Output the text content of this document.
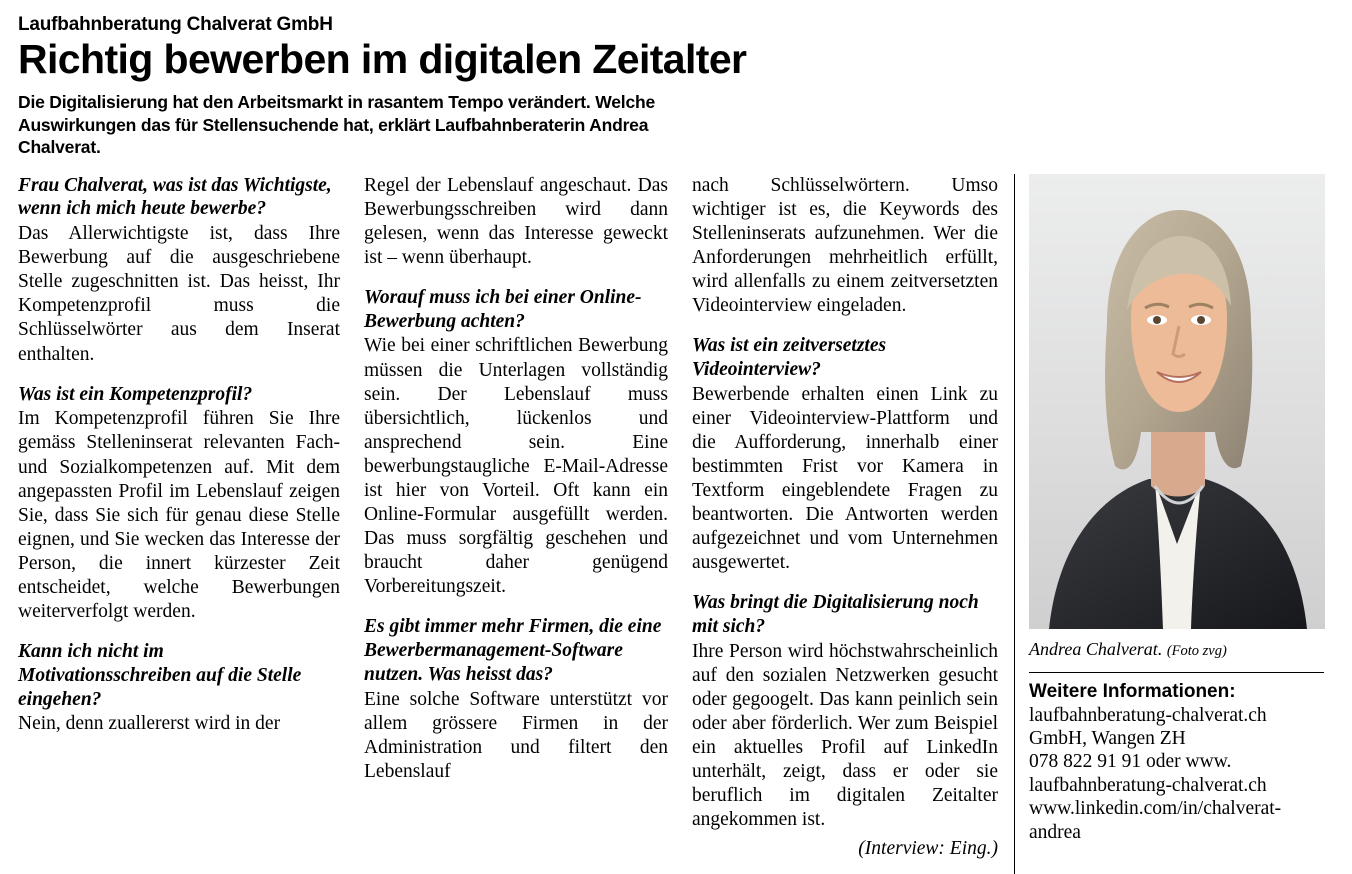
Laufbahnberatung Chalverat GmbH
Richtig bewerben im digitalen Zeitalter
Die Digitalisierung hat den Arbeitsmarkt in rasantem Tempo verändert. Welche Auswirkungen das für Stellensuchende hat, erklärt Laufbahnberaterin Andrea Chalverat.
Frau Chalverat, was ist das Wichtigste, wenn ich mich heute bewerbe?

Das Allerwichtigste ist, dass Ihre Bewerbung auf die ausgeschriebene Stelle zugeschnitten ist. Das heisst, Ihr Kompetenzprofil muss die Schlüsselwörter aus dem Inserat enthalten.

Was ist ein Kompetenzprofil?

Im Kompetenzprofil führen Sie Ihre gemäss Stelleninserat relevanten Fach- und Sozialkompetenzen auf. Mit dem angepassten Profil im Lebenslauf zeigen Sie, dass Sie sich für genau diese Stelle eignen, und Sie wecken das Interesse der Person, die innert kürzester Zeit entscheidet, welche Bewerbungen weiterverfolgt werden.

Kann ich nicht im Motivationsschreiben auf die Stelle eingehen?

Nein, denn zuallererst wird in der

Regel der Lebenslauf angeschaut. Das Bewerbungsschreiben wird dann gelesen, wenn das Interesse geweckt ist – wenn überhaupt.

Worauf muss ich bei einer Online-Bewerbung achten?

Wie bei einer schriftlichen Bewerbung müssen die Unterlagen vollständig sein. Der Lebenslauf muss übersichtlich, lückenlos und ansprechend sein. Eine bewerbungstaugliche E-Mail-Adresse ist hier von Vorteil. Oft kann ein Online-Formular ausgefüllt werden. Das muss sorgfältig geschehen und braucht daher genügend Vorbereitungszeit.

Es gibt immer mehr Firmen, die eine Bewerbermanagement-Software nutzen. Was heisst das?

Eine solche Software unterstützt vor allem grössere Firmen in der Administration und filtert den Lebenslauf

nach Schlüsselwörtern. Umso wichtiger ist es, die Keywords des Stelleninserats aufzunehmen. Wer die Anforderungen mehrheitlich erfüllt, wird allenfalls zu einem zeitversetzten Videointerview eingeladen.

Was ist ein zeitversetztes Videointerview?

Bewerbende erhalten einen Link zu einer Videointerview-Plattform und die Aufforderung, innerhalb einer bestimmten Frist vor Kamera in Textform eingeblendete Fragen zu beantworten. Die Antworten werden aufgezeichnet und vom Unternehmen ausgewertet.

Was bringt die Digitalisierung noch mit sich?

Ihre Person wird höchstwahrscheinlich auf den sozialen Netzwerken gesucht oder gegoogelt. Das kann peinlich sein oder aber förderlich. Wer zum Beispiel ein aktuelles Profil auf LinkedIn unterhält, zeigt, dass er oder sie beruflich im digitalen Zeitalter angekommen ist.

(Interview: Eing.)

Andrea Chalverat. (Foto zvg)
Weitere Informationen:
laufbahnberatung-chalverat.ch
GmbH, Wangen ZH
078 822 91 91 oder www.
laufbahnberatung-chalverat.ch
www.linkedin.com/in/chalverat-
andrea
